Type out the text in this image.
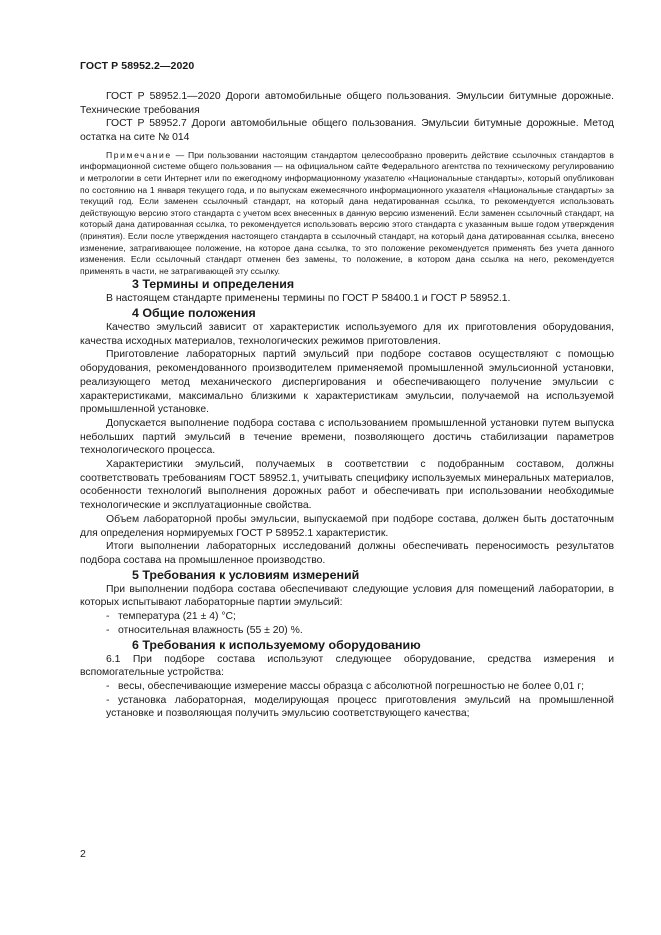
ГОСТ Р 58952.2—2020

ГОСТ Р 58952.1—2020 Дороги автомобильные общего пользования. Эмульсии битумные дорожные. Технические требования

ГОСТ Р 58952.7 Дороги автомобильные общего пользования. Эмульсии битумные дорожные. Метод остатка на сите № 014

Примечание — При пользовании настоящим стандартом целесообразно проверить действие ссылочных стандартов в информационной системе общего пользования — на официальном сайте Федерального агентства по техническому регулированию и метрологии в сети Интернет или по ежегодному информационному указателю «Национальные стандарты», который опубликован по состоянию на 1 января текущего года, и по выпускам ежемесячного информационного указателя «Национальные стандарты» за текущий год. Если заменен ссылочный стандарт, на который дана недатированная ссылка, то рекомендуется использовать действующую версию этого стандарта с учетом всех внесенных в данную версию изменений. Если заменен ссылочный стандарт, на который дана датированная ссылка, то рекомендуется использовать версию этого стандарта с указанным выше годом утверждения (принятия). Если после утверждения настоящего стандарта в ссылочный стандарт, на который дана датированная ссылка, внесено изменение, затрагивающее положение, на которое дана ссылка, то это положение рекомендуется применять без учета данного изменения. Если ссылочный стандарт отменен без замены, то положение, в котором дана ссылка на него, рекомендуется применять в части, не затрагивающей эту ссылку.

3 Термины и определения

В настоящем стандарте применены термины по ГОСТ Р 58400.1 и ГОСТ Р 58952.1.

4 Общие положения

Качество эмульсий зависит от характеристик используемого для их приготовления оборудования, качества исходных материалов, технологических режимов приготовления.

Приготовление лабораторных партий эмульсий при подборе составов осуществляют с помощью оборудования, рекомендованного производителем применяемой промышленной эмульсионной установки, реализующего метод механического диспергирования и обеспечивающего получение эмульсии с характеристиками, максимально близкими к характеристикам эмульсии, получаемой на используемой промышленной установке.

Допускается выполнение подбора состава с использованием промышленной установки путем выпуска небольших партий эмульсий в течение времени, позволяющего достичь стабилизации параметров технологического процесса.

Характеристики эмульсий, получаемых в соответствии с подобранным составом, должны соответствовать требованиям ГОСТ 58952.1, учитывать специфику используемых минеральных материалов, особенности технологий выполнения дорожных работ и обеспечивать при использовании необходимые технологические и эксплуатационные свойства.

Объем лабораторной пробы эмульсии, выпускаемой при подборе состава, должен быть достаточным для определения нормируемых ГОСТ Р 58952.1 характеристик.

Итоги выполнении лабораторных исследований должны обеспечивать переносимость результатов подбора состава на промышленное производство.

5 Требования к условиям измерений

При выполнении подбора состава обеспечивают следующие условия для помещений лаборатории, в которых испытывают лабораторные партии эмульсий:

- температура (21 ± 4) °C;

- относительная влажность (55 ± 20) %.

6 Требования к используемому оборудованию

6.1 При подборе состава используют следующее оборудование, средства измерения и вспомогательные устройства:

- весы, обеспечивающие измерение массы образца с абсолютной погрешностью не более 0,01 г;

- установка лабораторная, моделирующая процесс приготовления эмульсий на промышленной установке и позволяющая получить эмульсию соответствующего качества;

2
